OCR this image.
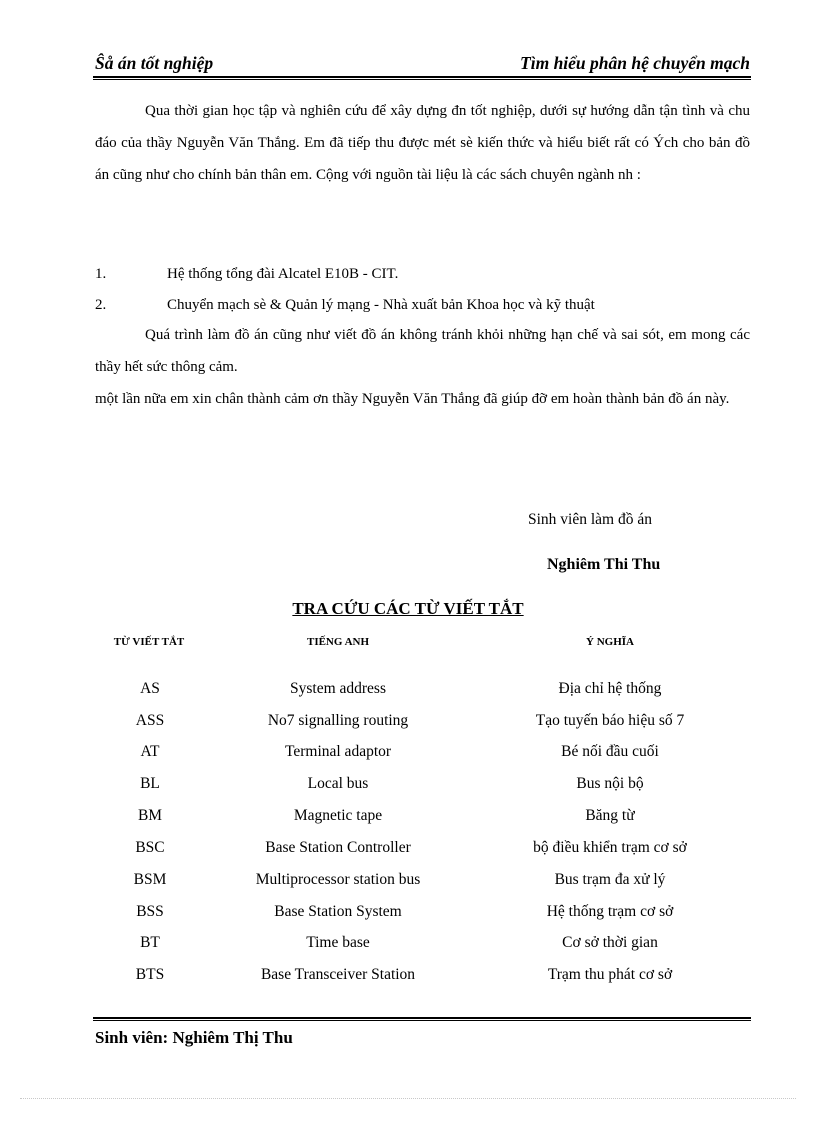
Ŝå án tốt nghiệp	Tìm hiểu phân hệ chuyển mạch
Qua thời gian học tập và nghiên cứu để xây dựng đn tốt nghiệp, dưới sự hướng dẫn tận tình và chu đáo của thầy Nguyễn Văn Thắng. Em đã tiếp thu được mét sè kiến thức và hiểu biết rất có Ých cho bản đồ án cũng như cho chính bản thân em. Cộng với nguồn tài liệu là các sách chuyên ngành nh :
1.	Hệ thống tổng đài Alcatel E10B - CIT.
2.	Chuyển mạch sè & Quản lý mạng - Nhà xuất bản Khoa học và kỹ thuật
Quá trình làm đồ án cũng như viết đồ án không tránh khỏi những hạn chế và sai sót, em mong các thầy hết sức thông cảm.
một lần nữa em xin chân thành cảm ơn thầy Nguyễn Văn Thắng đã giúp đỡ em hoàn thành bản đồ án này.
Sinh viên làm đồ án
Nghiêm Thi Thu
TRA CỨU CÁC TỪ VIẾT TẮT
TỪ VIẾT TẮT	TIẾNG ANH	Ý NGHĨA
AS	System address	Địa chỉ hệ thống
ASS	No7 signalling routing	Tạo tuyến báo hiệu số 7
AT	Terminal adaptor	Bé nối đầu cuối
BL	Local bus	Bus nội bộ
BM	Magnetic tape	Băng từ
BSC	Base Station Controller	bộ điều khiển trạm cơ sở
BSM	Multiprocessor station bus	Bus trạm đa xử lý
BSS	Base Station System	Hệ thống trạm cơ sở
BT	Time base	Cơ sở thời gian
BTS	Base Transceiver Station	Trạm thu phát cơ sở
Sinh viên: Nghiêm Thị Thu
